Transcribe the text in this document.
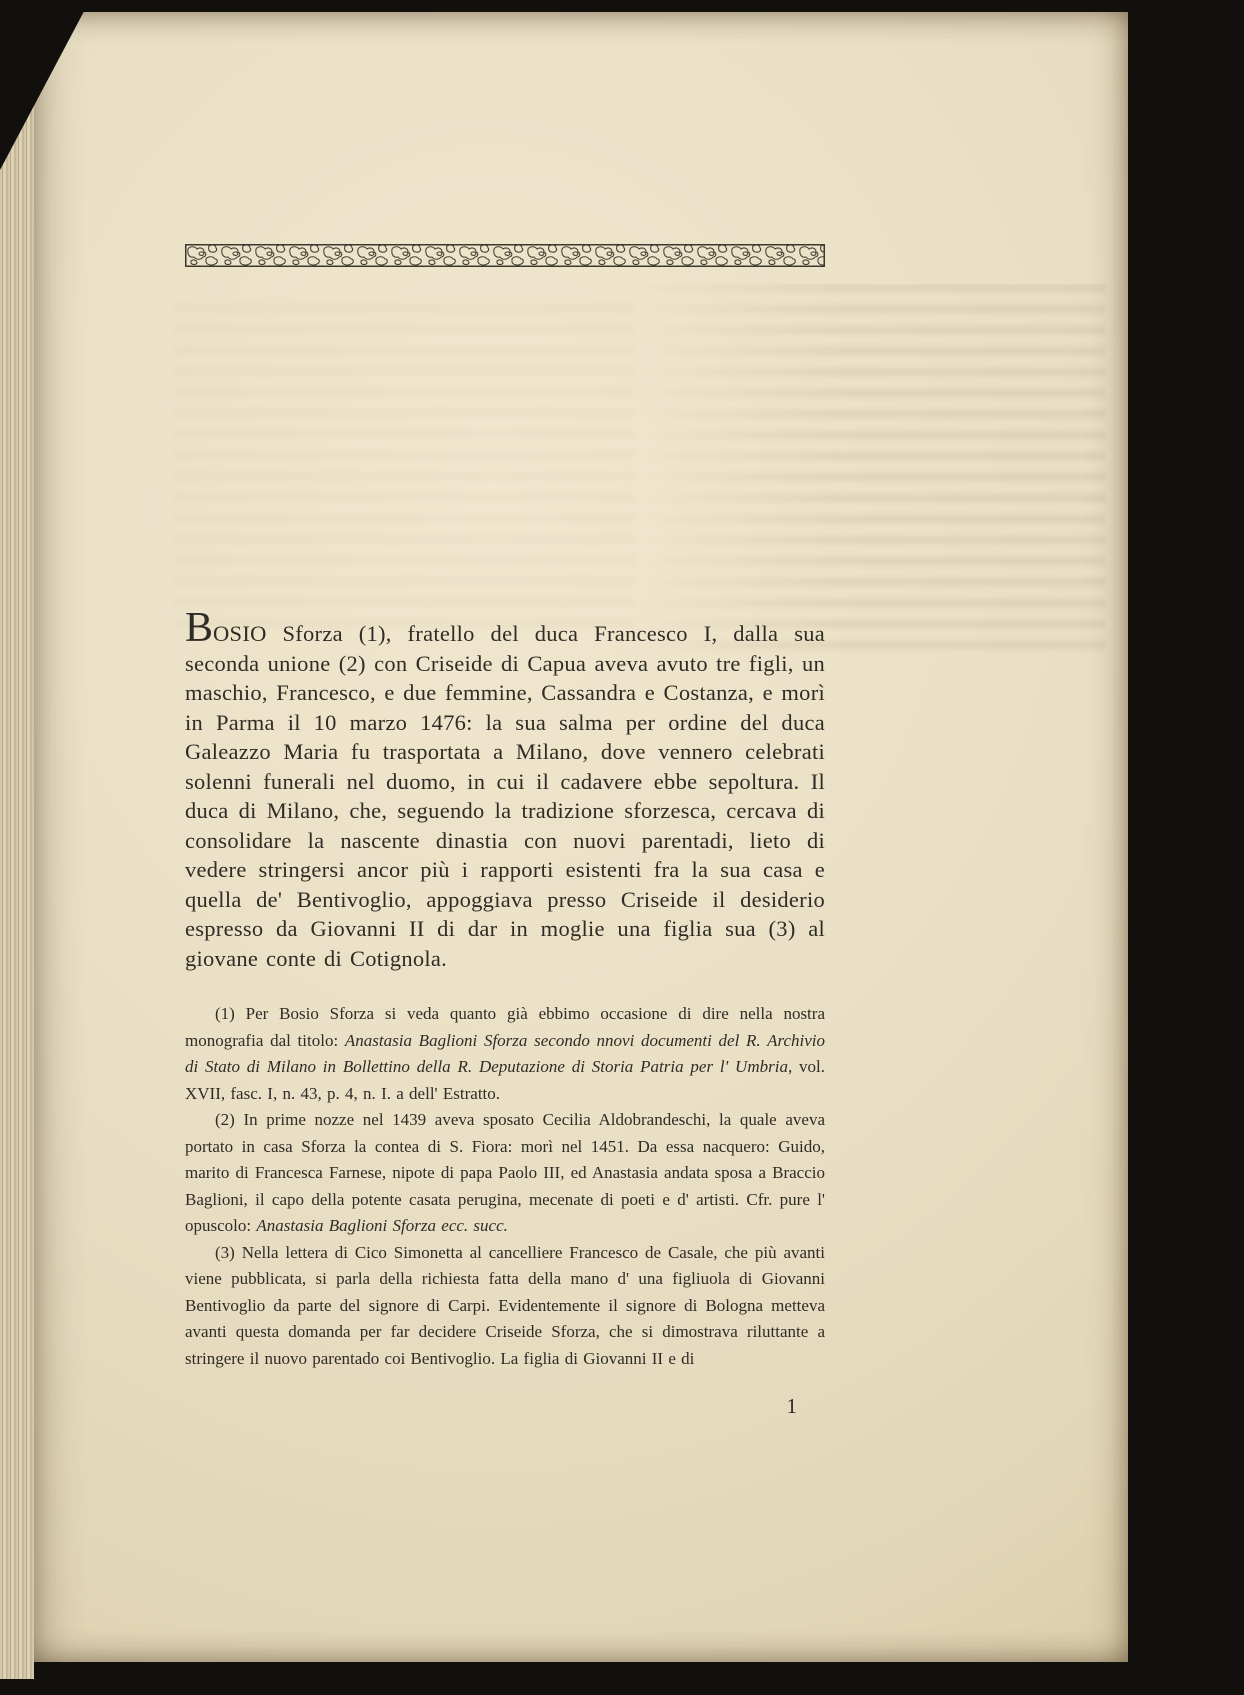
BOSIO Sforza (1), fratello del duca Francesco I, dalla sua seconda unione (2) con Criseide di Capua aveva avuto tre figli, un maschio, Francesco, e due femmine, Cassandra e Costanza, e morì in Parma il 10 marzo 1476: la sua salma per ordine del duca Galeazzo Maria fu trasportata a Milano, dove vennero celebrati solenni funerali nel duomo, in cui il cadavere ebbe sepoltura. Il duca di Milano, che, seguendo la tradizione sforzesca, cercava di consolidare la nascente dinastia con nuovi parentadi, lieto di vedere stringersi ancor più i rapporti esistenti fra la sua casa e quella de' Bentivoglio, appoggiava presso Criseide il desiderio espresso da Giovanni II di dar in moglie una figlia sua (3) al giovane conte di Cotignola.

(1) Per Bosio Sforza si veda quanto già ebbimo occasione di dire nella nostra monografia dal titolo: Anastasia Baglioni Sforza secondo nnovi documenti del R. Archivio di Stato di Milano in Bollettino della R. Deputazione di Storia Patria per l' Umbria, vol. XVII, fasc. I, n. 43, p. 4, n. I. a dell' Estratto.

(2) In prime nozze nel 1439 aveva sposato Cecilia Aldobrandeschi, la quale aveva portato in casa Sforza la contea di S. Fiora: morì nel 1451. Da essa nacquero: Guido, marito di Francesca Farnese, nipote di papa Paolo III, ed Anastasia andata sposa a Braccio Baglioni, il capo della potente casata perugina, mecenate di poeti e d' artisti. Cfr. pure l' opuscolo: Anastasia Baglioni Sforza ecc. succ.

(3) Nella lettera di Cico Simonetta al cancelliere Francesco de Casale, che più avanti viene pubblicata, si parla della richiesta fatta della mano d' una figliuola di Giovanni Bentivoglio da parte del signore di Carpi. Evidentemente il signore di Bologna metteva avanti questa domanda per far decidere Criseide Sforza, che si dimostrava riluttante a stringere il nuovo parentado coi Bentivoglio. La figlia di Giovanni II e di

1
